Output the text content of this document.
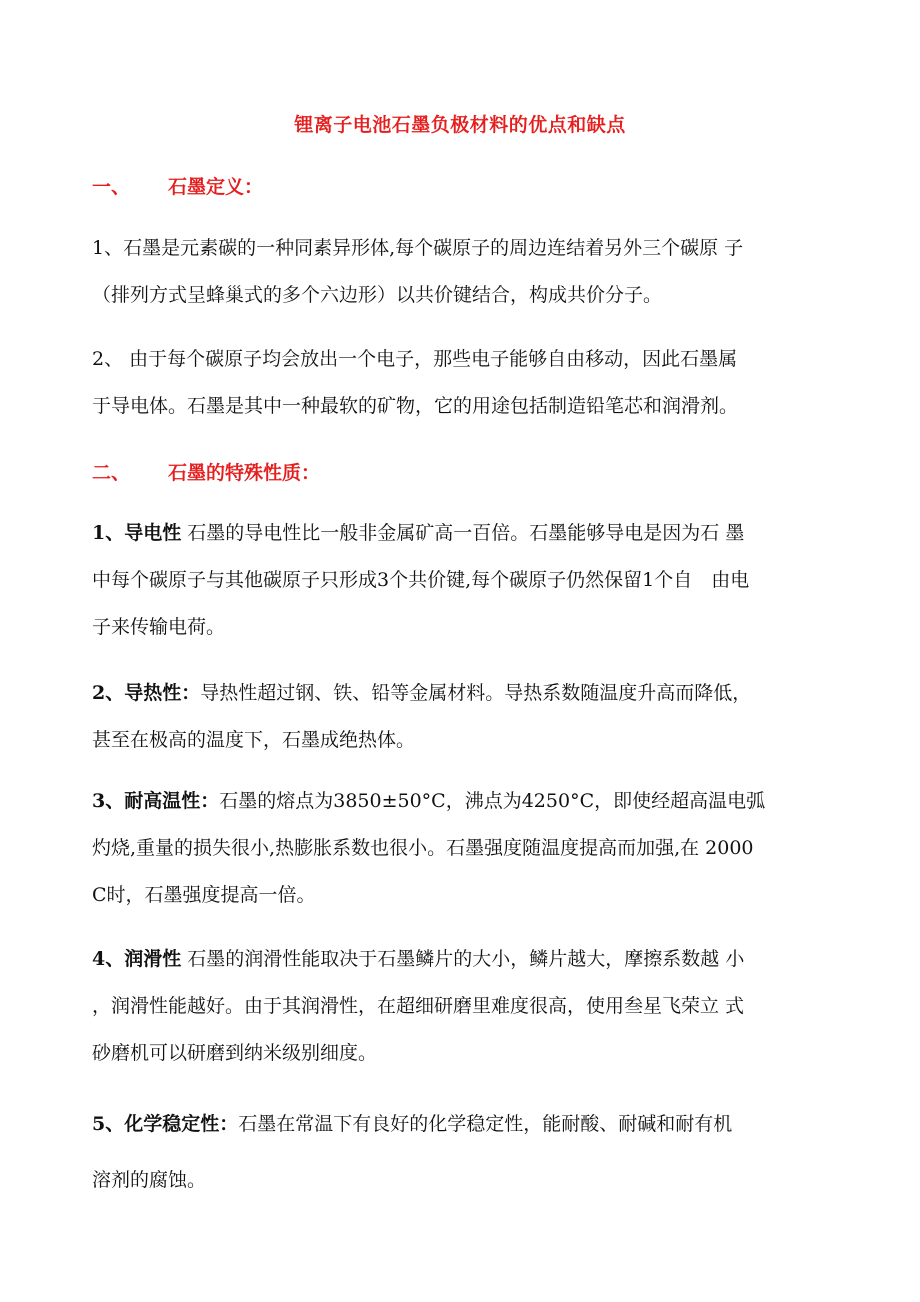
锂离子电池石墨负极材料的优点和缺点
一、 石墨定义：
1、石墨是元素碳的一种同素异形体,每个碳原子的周边连结着另外三个碳原 子
（排列方式呈蜂巢式的多个六边形）以共价键结合，构成共价分子。
2、 由于每个碳原子均会放出一个电子，那些电子能够自由移动，因此石墨属
于导电体。石墨是其中一种最软的矿物，它的用途包括制造铅笔芯和润滑剂。
二、 石墨的特殊性质：
1、导电性 石墨的导电性比一般非金属矿高一百倍。石墨能够导电是因为石 墨
中每个碳原子与其他碳原子只形成3个共价键,每个碳原子仍然保留1个自　由电
子来传输电荷。
2、导热性：导热性超过钢、铁、铅等金属材料。导热系数随温度升高而降低，
甚至在极高的温度下，石墨成绝热体。
3、耐高温性：石墨的熔点为3850±50°C，沸点为4250°C，即使经超高温电弧
灼烧,重量的损失很小,热膨胀系数也很小。石墨强度随温度提高而加强,在 2000
C时，石墨强度提高一倍。
4、润滑性 石墨的润滑性能取决于石墨鳞片的大小，鳞片越大，摩擦系数越 小
，润滑性能越好。由于其润滑性，在超细研磨里难度很高，使用叁星飞荣立 式
砂磨机可以研磨到纳米级别细度。
5、化学稳定性：石墨在常温下有良好的化学稳定性，能耐酸、耐碱和耐有机
溶剂的腐蚀。
